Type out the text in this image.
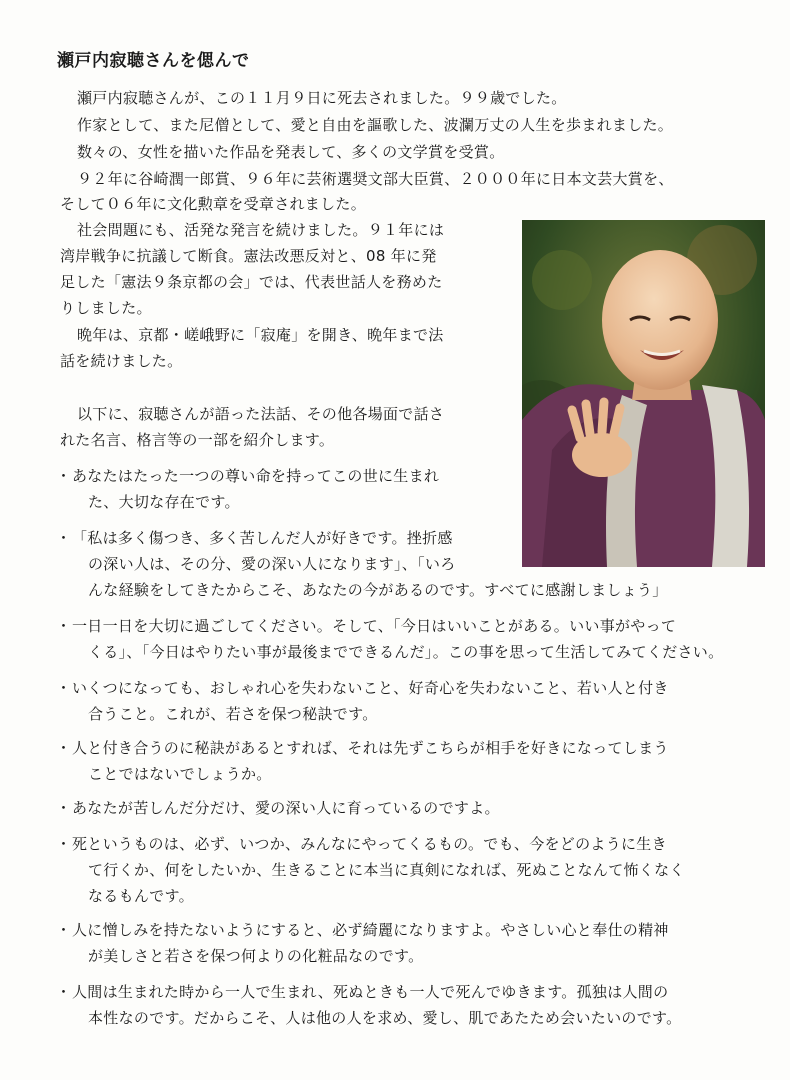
瀬戸内寂聴さんを偲んで
瀬戸内寂聴さんが、この１１月９日に死去されました。９９歳でした。
作家として、また尼僧として、愛と自由を謳歌した、波瀾万丈の人生を歩まれました。
数々の、女性を描いた作品を発表して、多くの文学賞を受賞。
９２年に谷崎潤一郎賞、９６年に芸術選奨文部大臣賞、２０００年に日本文芸大賞を、
そして０６年に文化勲章を受章されました。
社会問題にも、活発な発言を続けました。９１年には
湾岸戦争に抗議して断食。憲法改悪反対と、08 年に発
足した「憲法９条京都の会」では、代表世話人を務めた
りしました。
晩年は、京都・嵯峨野に「寂庵」を開き、晩年まで法
話を続けました。
以下に、寂聴さんが語った法話、その他各場面で話さ
れた名言、格言等の一部を紹介します。
・ あなたはたった一つの尊い命を持ってこの世に生まれ
た、大切な存在です。
・ 「私は多く傷つき、多く苦しんだ人が好きです。挫折感
の深い人は、その分、愛の深い人になります」、「いろ
んな経験をしてきたからこそ、あなたの今があるのです。すべてに感謝しましょう」
・ 一日一日を大切に過ごしてください。そして、「今日はいいことがある。いい事がやって
くる」、「今日はやりたい事が最後までできるんだ」。この事を思って生活してみてください。
・ いくつになっても、おしゃれ心を失わないこと、好奇心を失わないこと、若い人と付き
合うこと。これが、若さを保つ秘訣です。
・ 人と付き合うのに秘訣があるとすれば、それは先ずこちらが相手を好きになってしまう
ことではないでしょうか。
・ あなたが苦しんだ分だけ、愛の深い人に育っているのですよ。
・ 死というものは、必ず、いつか、みんなにやってくるもの。でも、今をどのように生き
て行くか、何をしたいか、生きることに本当に真剣になれば、死ぬことなんて怖くなく
なるもんです。
・ 人に憎しみを持たないようにすると、必ず綺麗になりますよ。やさしい心と奉仕の精神
が美しさと若さを保つ何よりの化粧品なのです。
・ 人間は生まれた時から一人で生まれ、死ぬときも一人で死んでゆきます。孤独は人間の
本性なのです。だからこそ、人は他の人を求め、愛し、肌であたため会いたいのです。
